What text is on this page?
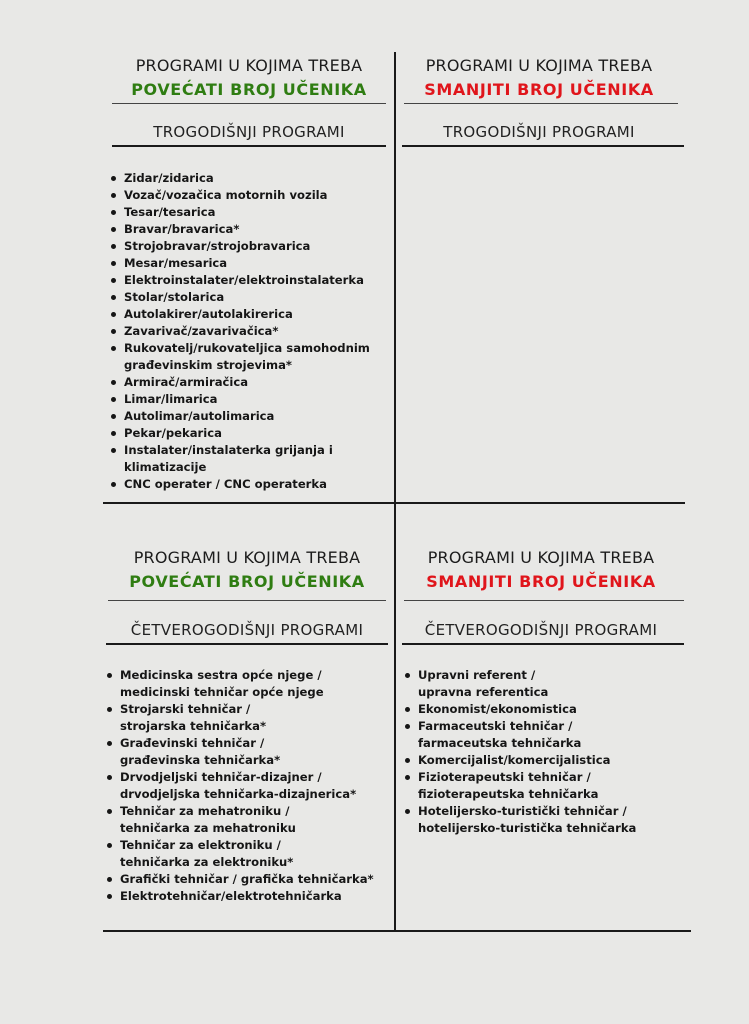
PROGRAMI U KOJIMA TREBA
POVEĆATI BROJ UČENIKA
TROGODIŠNJI PROGRAMI
Zidar/zidarica
Vozač/vozačica motornih vozila
Tesar/tesarica
Bravar/bravarica*
Strojobravar/strojobravarica
Mesar/mesarica
Elektroinstalater/elektroinstalaterka
Stolar/stolarica
Autolakirer/autolakirerica
Zavarivač/zavarivačica*
Rukovatelj/rukovateljica samohodnim
građevinskim strojevima*
Armirač/armiračica
Limar/limarica
Autolimar/autolimarica
Pekar/pekarica
Instalater/instalaterka grijanja i
klimatizacije
CNC operater / CNC operaterka
PROGRAMI U KOJIMA TREBA
SMANJITI BROJ UČENIKA
TROGODIŠNJI PROGRAMI
PROGRAMI U KOJIMA TREBA
POVEĆATI BROJ UČENIKA
ČETVEROGODIŠNJI PROGRAMI
Medicinska sestra opće njege /
medicinski tehničar opće njege
Strojarski tehničar /
strojarska tehničarka*
Građevinski tehničar /
građevinska tehničarka*
Drvodjeljski tehničar-dizajner /
drvodjeljska tehničarka-dizajnerica*
Tehničar za mehatroniku /
tehničarka za mehatroniku
Tehničar za elektroniku /
tehničarka za elektroniku*
Grafički tehničar / grafička tehničarka*
Elektrotehničar/elektrotehničarka
PROGRAMI U KOJIMA TREBA
SMANJITI BROJ UČENIKA
ČETVEROGODIŠNJI PROGRAMI
Upravni referent /
upravna referentica
Ekonomist/ekonomistica
Farmaceutski tehničar /
farmaceutska tehničarka
Komercijalist/komercijalistica
Fizioterapeutski tehničar /
fizioterapeutska tehničarka
Hotelijersko-turistički tehničar /
hotelijersko-turistička tehničarka
